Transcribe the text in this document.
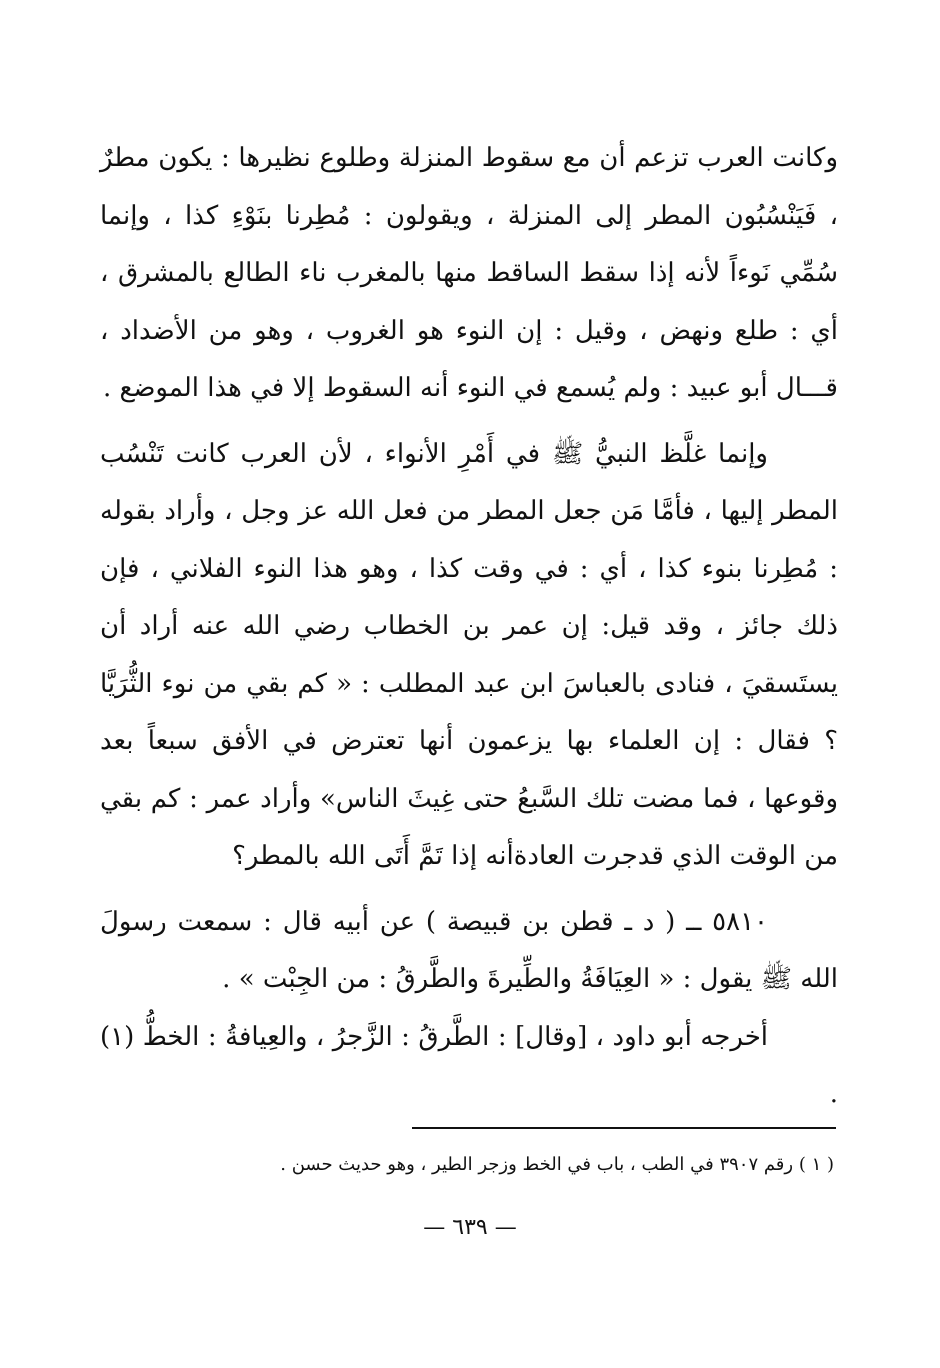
وكانت العرب تزعم أن مع سقوط المنزلة وطلوع نظيرها : يكون مطرٌ ، فَيَنْسُبُون المطر إلى المنزلة ، ويقولون : مُطِرنا بنَوْءِ كذا ، وإنما سُمِّي نَوءاً لأنه إذا سقط الساقط منها بالمغرب ناء الطالع بالمشرق ، أي : طلع ونهض ، وقيل : إن النوء هو الغروب ، وهو من الأضداد ، قـــال أبو عبيد : ولم يُسمع في النوء أنه السقوط إلا في هذا الموضع .

وإنما غلَّظ النبيُّ ﷺ في أَمْرِ الأنواء ، لأن العرب كانت تَنْسُب المطر إليها ، فأمَّا مَن جعل المطر من فعل الله عز وجل ، وأراد بقوله : مُطِرنا بنوء كذا ، أي : في وقت كذا ، وهو هذا النوء الفلاني ، فإن ذلك جائز ، وقد قيل: إن عمر بن الخطاب رضي الله عنه أراد أن يستَسقيَ ، فنادى بالعباسَ ابن عبد المطلب : « كم بقي من نوء الثُّرَيَّا ؟ فقال : إن العلماء بها يزعمون أنها تعترض في الأفق سبعاً بعد وقوعها ، فما مضت تلك السَّبعُ حتى غِيثَ الناس» وأراد عمر : كم بقي من الوقت الذي قدجرت العادةأنه إذا تَمَّ أَتَى الله بالمطر؟

٥٨١٠ ــ ( د ـ قطن بن قبيصة ) عن أبيه قال : سمعت رسولَ الله ﷺ يقول : « العِيَافَةُ والطِّيرةَ والطَّرقُ : من الجِبْت » .

أخرجه أبو داود ، [وقال] : الطَّرقُ : الزَّجرُ ، والعِيافةُ : الخطُّ (١) .

( ١ ) رقم ٣٩٠٧ في الطب ، باب في الخط وزجر الطير ، وهو حديث حسن .
— ٦٣٩ —
